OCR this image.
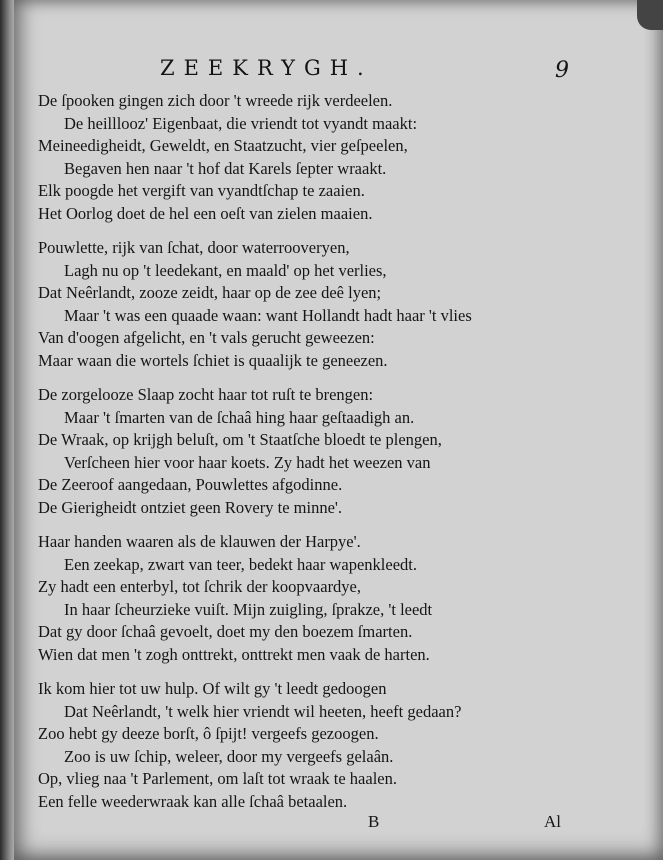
ZEEKRYGH.	9
De ſpooken gingen zich door 't wreede rijk verdeelen.
De heilllooz' Eigenbaat, die vriendt tot vyandt maakt:
Meineedigheidt, Geweldt, en Staatzucht, vier geſpeelen,
Begaven hen naar 't hof dat Karels ſepter wraakt.
Elk poogde het vergift van vyandtſchap te zaaien.
Het Oorlog doet de hel een oeſt van zielen maaien.
Pouwlette, rijk van ſchat, door waterrooveryen,
Lagh nu op 't leedekant, en maald' op het verlies,
Dat Neêrlandt, zooze zeidt, haar op de zee deê lyen;
Maar 't was een quaade waan: want Hollandt hadt haar 't vlies
Van d'oogen afgelicht, en 't vals gerucht geweezen:
Maar waan die wortels ſchiet is quaalijk te geneezen.
De zorgelooze Slaap zocht haar tot ruſt te brengen:
Maar 't ſmarten van de ſchaâ hing haar geſtaadigh an.
De Wraak, op krijgh beluſt, om 't Staatſche bloedt te plengen,
Verſcheen hier voor haar koets. Zy hadt het weezen van
De Zeeroof aangedaan, Pouwlettes afgodinne.
De Gierigheidt ontziet geen Rovery te minne'.
Haar handen waaren als de klauwen der Harpye'.
Een zeekap, zwart van teer, bedekt haar wapenkleedt.
Zy hadt een enterbyl, tot ſchrik der koopvaardye,
In haar ſcheurzieke vuiſt. Mijn zuigling, ſprakze, 't leedt
Dat gy door ſchaâ gevoelt, doet my den boezem ſmarten.
Wien dat men 't zogh onttrekt, onttrekt men vaak de harten.
Ik kom hier tot uw hulp. Of wilt gy 't leedt gedoogen
Dat Neêrlandt, 't welk hier vriendt wil heeten, heeft gedaan?
Zoo hebt gy deeze borſt, ô ſpijt! vergeefs gezoogen.
Zoo is uw ſchip, weleer, door my vergeefs gelaân.
Op, vlieg naa 't Parlement, om laſt tot wraak te haalen.
Een felle weederwraak kan alle ſchaâ betaalen.
B	Al
